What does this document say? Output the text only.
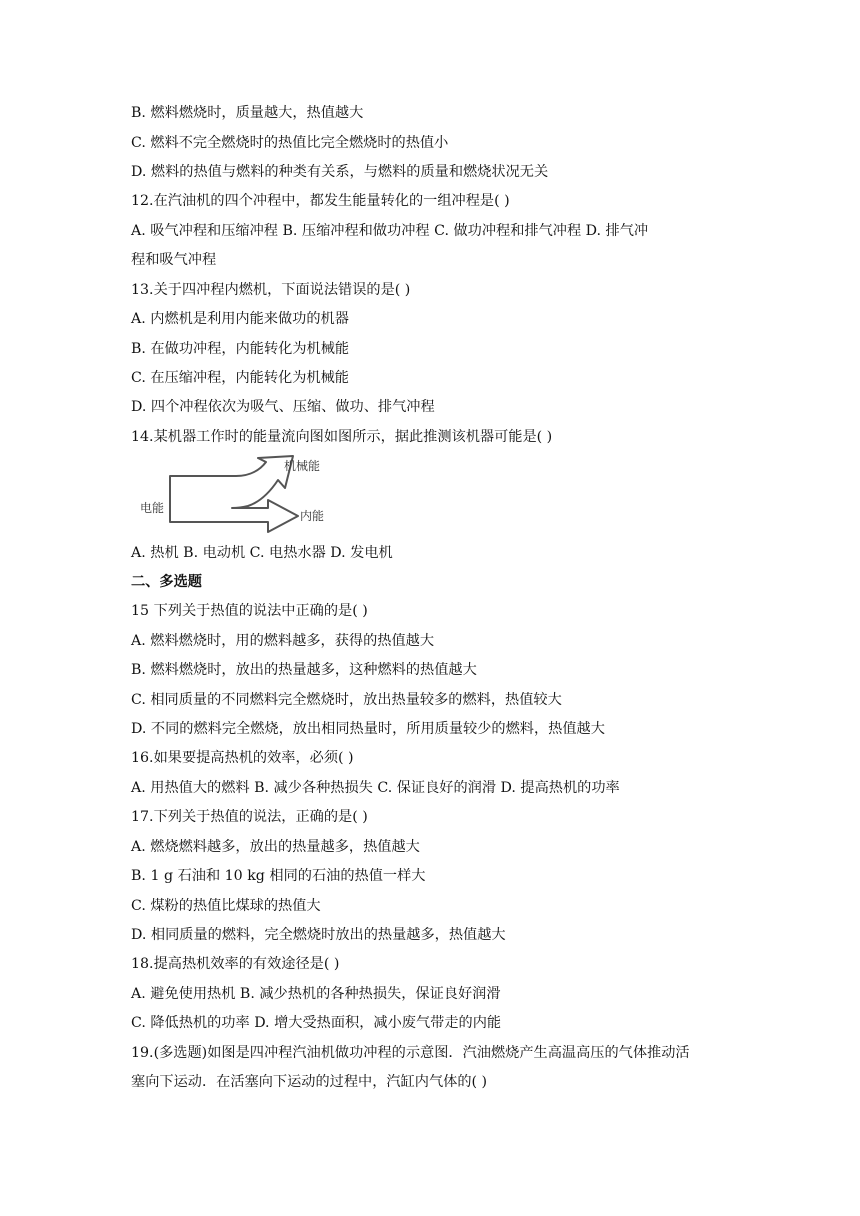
B. 燃料燃烧时，质量越大，热值越大
C. 燃料不完全燃烧时的热值比完全燃烧时的热值小
D. 燃料的热值与燃料的种类有关系，与燃料的质量和燃烧状况无关
12.在汽油机的四个冲程中，都发生能量转化的一组冲程是( )
A. 吸气冲程和压缩冲程 B. 压缩冲程和做功冲程 C. 做功冲程和排气冲程 D. 排气冲
程和吸气冲程
13.关于四冲程内燃机，下面说法错误的是( )
A. 内燃机是利用内能来做功的机器
B. 在做功冲程，内能转化为机械能
C. 在压缩冲程，内能转化为机械能
D. 四个冲程依次为吸气、压缩、做功、排气冲程
14.某机器工作时的能量流向图如图所示，据此推测该机器可能是( )
电能
机械能
内能
A. 热机 B. 电动机 C. 电热水器 D. 发电机
二、多选题
15 下列关于热值的说法中正确的是( )
A. 燃料燃烧时，用的燃料越多，获得的热值越大
B. 燃料燃烧时，放出的热量越多，这种燃料的热值越大
C. 相同质量的不同燃料完全燃烧时，放出热量较多的燃料，热值较大
D. 不同的燃料完全燃烧，放出相同热量时，所用质量较少的燃料，热值越大
16.如果要提高热机的效率，必须( )
A. 用热值大的燃料 B. 减少各种热损失 C. 保证良好的润滑 D. 提高热机的功率
17.下列关于热值的说法，正确的是( )
A. 燃烧燃料越多，放出的热量越多，热值越大
B. 1 g 石油和 10 kg 相同的石油的热值一样大
C. 煤粉的热值比煤球的热值大
D. 相同质量的燃料，完全燃烧时放出的热量越多，热值越大
18.提高热机效率的有效途径是( )
A. 避免使用热机 B. 减少热机的各种热损失，保证良好润滑
C. 降低热机的功率 D. 增大受热面积，减小废气带走的内能
19.(多选题)如图是四冲程汽油机做功冲程的示意图．汽油燃烧产生高温高压的气体推动活
塞向下运动．在活塞向下运动的过程中，汽缸内气体的( )
